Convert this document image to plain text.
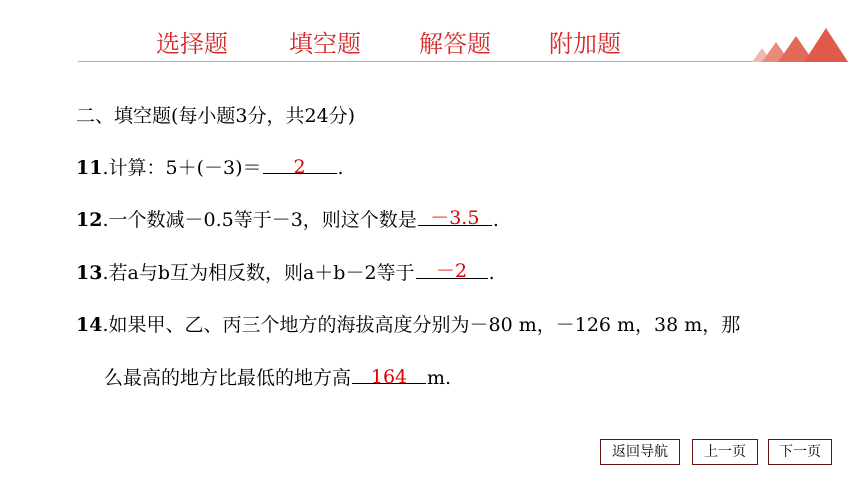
选择题	填空题 解答题 附加题
二、填空题(每小题3分，共24分)
11.计算：5＋(－3)＝	2	.
12.一个数减－0.5等于－3，则这个数是 －3.5 .
13.若a与b互为相反数，则a＋b－2等于	－2	.
14.如果甲、乙、丙三个地方的海拔高度分别为－80 m，－126 m，38 m，那
么最高的地方比最低的地方高	164	m.
返回导航	上一页	下一页
